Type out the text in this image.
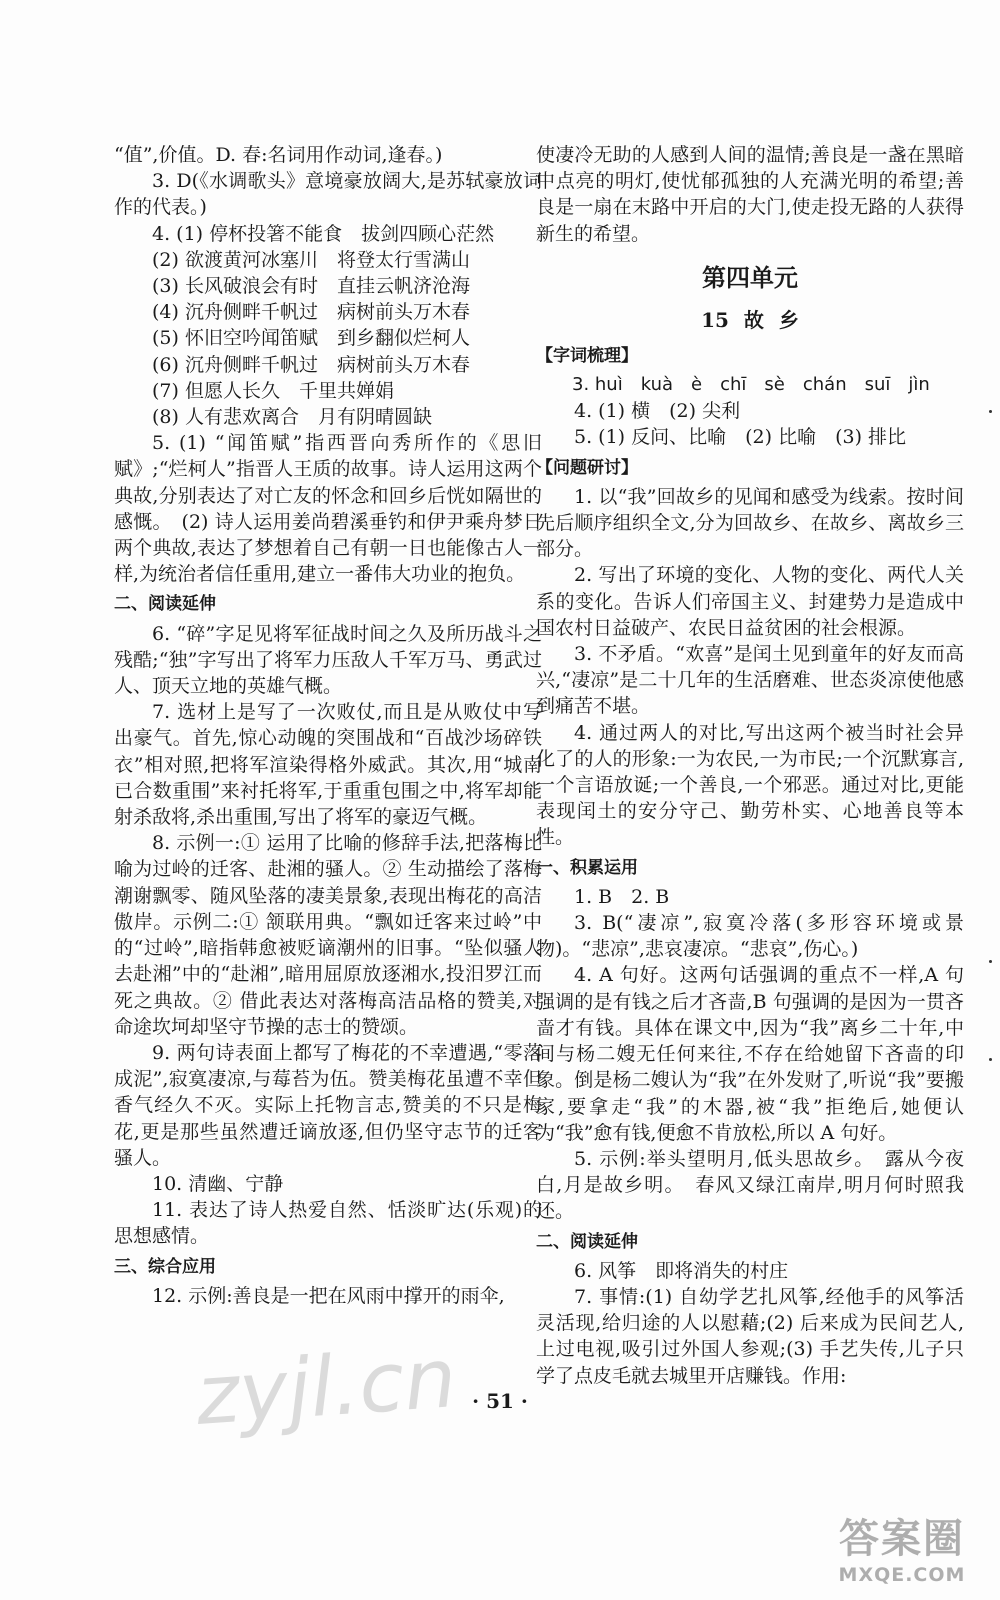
“值”,价值。D. 春:名词用作动词,逢春。)

3. D(《水调歌头》意境豪放阔大,是苏轼豪放词作的代表。)

4. (1) 停杯投箸不能食　拔剑四顾心茫然

(2) 欲渡黄河冰塞川　将登太行雪满山

(3) 长风破浪会有时　直挂云帆济沧海

(4) 沉舟侧畔千帆过　病树前头万木春

(5) 怀旧空吟闻笛赋　到乡翻似烂柯人

(6) 沉舟侧畔千帆过　病树前头万木春

(7) 但愿人长久　千里共婵娟

(8) 人有悲欢离合　月有阴晴圆缺

5. (1) “闻笛赋”指西晋向秀所作的《思旧赋》;“烂柯人”指晋人王质的故事。诗人运用这两个典故,分别表达了对亡友的怀念和回乡后恍如隔世的感慨。　(2) 诗人运用姜尚碧溪垂钓和伊尹乘舟梦日两个典故,表达了梦想着自己有朝一日也能像古人一样,为统治者信任重用,建立一番伟大功业的抱负。

二、阅读延伸

6. “碎”字足见将军征战时间之久及所历战斗之残酷;“独”字写出了将军力压敌人千军万马、勇武过人、顶天立地的英雄气概。

7. 选材上是写了一次败仗,而且是从败仗中写出豪气。首先,惊心动魄的突围战和“百战沙场碎铁衣”相对照,把将军渲染得格外威武。其次,用“城南已合数重围”来衬托将军,于重重包围之中,将军却能射杀敌将,杀出重围,写出了将军的豪迈气概。

8. 示例一:① 运用了比喻的修辞手法,把落梅比喻为过岭的迁客、赴湘的骚人。② 生动描绘了落梅潮谢飘零、随风坠落的凄美景象,表现出梅花的高洁傲岸。示例二:① 颔联用典。“飘如迁客来过岭”中的“过岭”,暗指韩愈被贬谪潮州的旧事。“坠似骚人去赴湘”中的“赴湘”,暗用屈原放逐湘水,投汨罗江而死之典故。② 借此表达对落梅高洁品格的赞美,对命途坎坷却坚守节操的志士的赞颂。

9. 两句诗表面上都写了梅花的不幸遭遇,“零落成泥”,寂寞凄凉,与莓苔为伍。赞美梅花虽遭不幸但香气经久不灭。实际上托物言志,赞美的不只是梅花,更是那些虽然遭迁谪放逐,但仍坚守志节的迁客骚人。

10. 清幽、宁静

11. 表达了诗人热爱自然、恬淡旷达(乐观)的思想感情。

三、综合应用

12. 示例:善良是一把在风雨中撑开的雨伞,

使凄冷无助的人感到人间的温情;善良是一盏在黑暗中点亮的明灯,使忧郁孤独的人充满光明的希望;善良是一扇在末路中开启的大门,使走投无路的人获得新生的希望。

第四单元
15 故 乡

【字词梳理】

3. huì　kuà　è　chī　sè　chán　suī　jìn

4. (1) 横　(2) 尖利

5. (1) 反问、比喻　(2) 比喻　(3) 排比

【问题研讨】

1. 以“我”回故乡的见闻和感受为线索。按时间先后顺序组织全文,分为回故乡、在故乡、离故乡三部分。

2. 写出了环境的变化、人物的变化、两代人关系的变化。告诉人们帝国主义、封建势力是造成中国农村日益破产、农民日益贫困的社会根源。

3. 不矛盾。“欢喜”是闰土见到童年的好友而高兴,“凄凉”是二十几年的生活磨难、世态炎凉使他感到痛苦不堪。

4. 通过两人的对比,写出这两个被当时社会异化了的人的形象:一为农民,一为市民;一个沉默寡言,一个言语放诞;一个善良,一个邪恶。通过对比,更能表现闰土的安分守己、勤劳朴实、心地善良等本性。

一、积累运用

1. B　2. B

3. B(“凄凉”,寂寞冷落(多形容环境或景物)。“悲凉”,悲哀凄凉。“悲哀”,伤心。)

4. A 句好。这两句话强调的重点不一样,A 句强调的是有钱之后才吝啬,B 句强调的是因为一贯吝啬才有钱。具体在课文中,因为“我”离乡二十年,中间与杨二嫂无任何来往,不存在给她留下吝啬的印象。倒是杨二嫂认为“我”在外发财了,听说“我”要搬家,要拿走“我”的木器,被“我”拒绝后,她便认为“我”愈有钱,便愈不肯放松,所以 A 句好。

5. 示例:举头望明月,低头思故乡。　露从今夜白,月是故乡明。　春风又绿江南岸,明月何时照我还。

二、阅读延伸

6. 风筝　即将消失的村庄

7. 事情:(1) 自幼学艺扎风筝,经他手的风筝活灵活现,给归途的人以慰藉;(2) 后来成为民间艺人,上过电视,吸引过外国人参观;(3) 手艺失传,儿子只学了点皮毛就去城里开店赚钱。作用:

· 51 ·
zyjl.cn
答案圈
MXQE.COM
